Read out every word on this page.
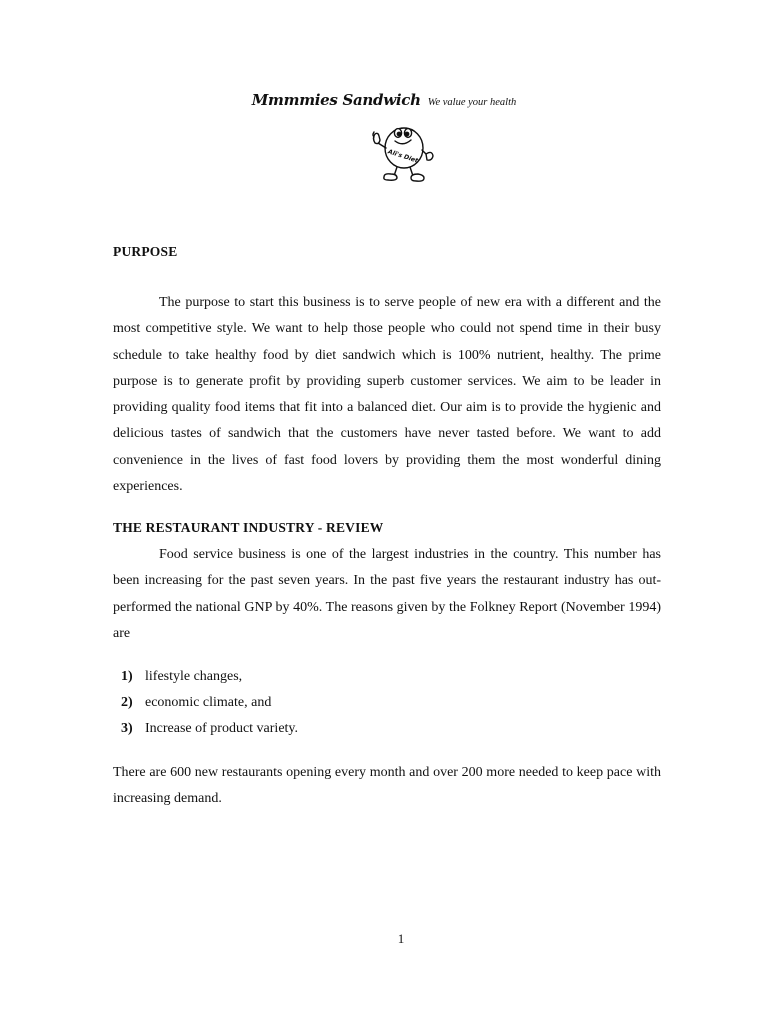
Mmmmies Sandwich We value your health
Ali's Diet
PURPOSE

The purpose to start this business is to serve people of new era with a different and the most competitive style. We want to help those people who could not spend time in their busy schedule to take healthy food by diet sandwich which is 100% nutrient, healthy. The prime purpose is to generate profit by providing superb customer services. We aim to be leader in providing quality food items that fit into a balanced diet. Our aim is to provide the hygienic and delicious tastes of sandwich that the customers have never tasted before. We want to add convenience in the lives of fast food lovers by providing them the most wonderful dining experiences.

THE RESTAURANT INDUSTRY - REVIEW

Food service business is one of the largest industries in the country. This number has been increasing for the past seven years. In the past five years the restaurant industry has out-performed the national GNP by 40%. The reasons given by the Folkney Report (November 1994) are

1) lifestyle changes,
2) economic climate, and
3) Increase of product variety.

There are 600 new restaurants opening every month and over 200 more needed to keep pace with increasing demand.

1
